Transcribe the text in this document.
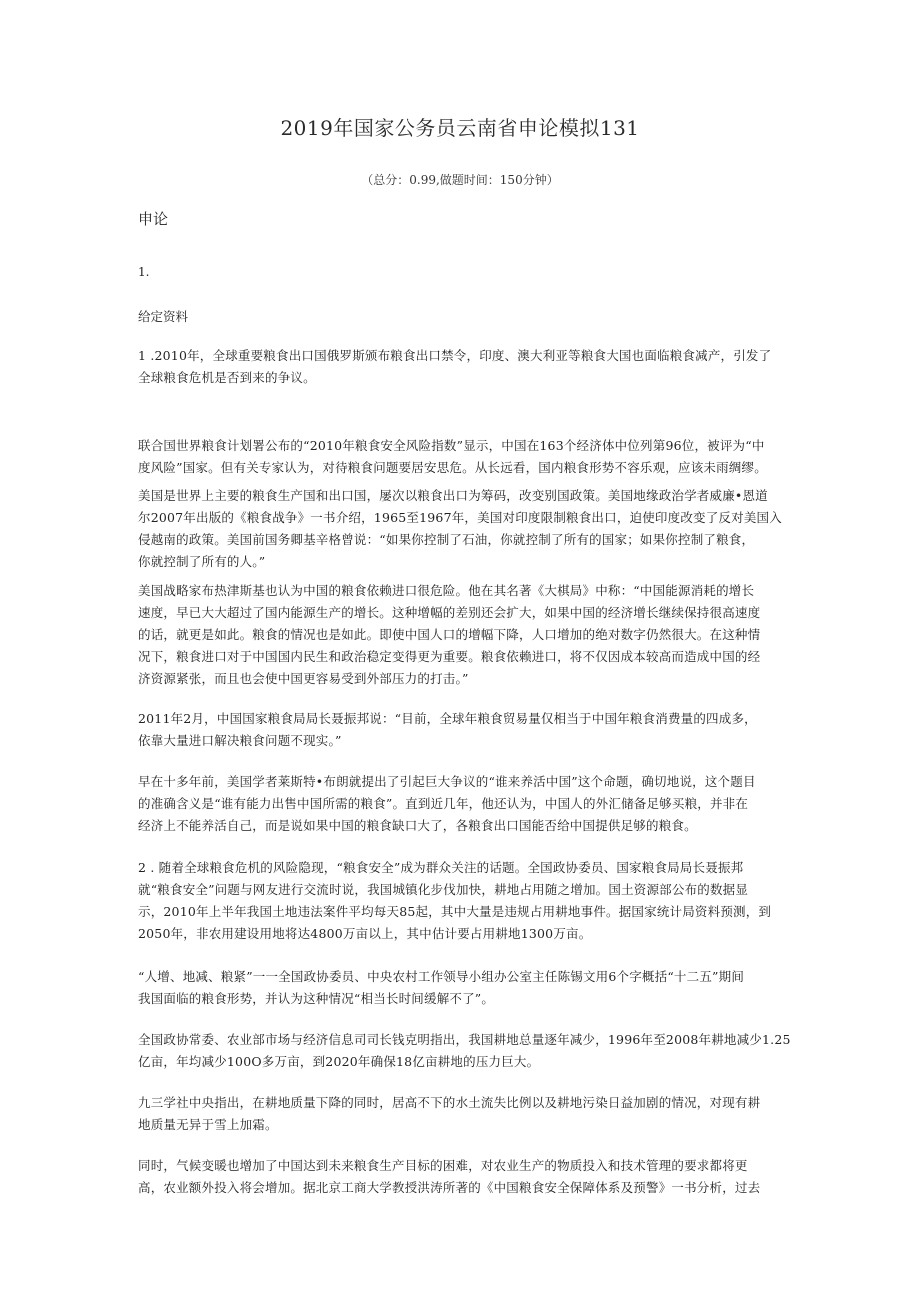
2019年国家公务员云南省申论模拟131
（总分：0.99,做题时间：150分钟）
申论
1.
给定资料

1 .2010年，全球重要粮食出口国俄罗斯颁布粮食出口禁令，印度、澳大利亚等粮食大国也面临粮食减产，引发了
全球粮食危机是否到来的争议。

联合国世界粮食计划署公布的“2010年粮食安全风险指数”显示，中国在163个经济体中位列第96位，被评为“中
度风险”国家。但有关专家认为，对待粮食问题要居安思危。从长远看，国内粮食形势不容乐观，应该未雨绸缪。

美国是世界上主要的粮食生产国和出口国，屡次以粮食出口为筹码，改变别国政策。美国地缘政治学者威廉•恩道
尔2007年出版的《粮食战争》一书介绍，1965至1967年，美国对印度限制粮食出口，迫使印度改变了反对美国入
侵越南的政策。美国前国务卿基辛格曾说：“如果你控制了石油，你就控制了所有的国家；如果你控制了粮食，
你就控制了所有的人。”

美国战略家布热津斯基也认为中国的粮食依赖进口很危险。他在其名著《大棋局》中称：“中国能源消耗的增长
速度，早已大大超过了国内能源生产的增长。这种增幅的差别还会扩大，如果中国的经济增长继续保持很高速度
的话，就更是如此。粮食的情况也是如此。即使中国人口的增幅下降，人口增加的绝对数字仍然很大。在这种情
况下，粮食进口对于中国国内民生和政治稳定变得更为重要。粮食依赖进口，将不仅因成本较高而造成中国的经
济资源紧张，而且也会使中国更容易受到外部压力的打击。”

2011年2月，中国国家粮食局局长聂振邦说：“目前，全球年粮食贸易量仅相当于中国年粮食消费量的四成多，
依靠大量进口解决粮食问题不现实。”

早在十多年前，美国学者莱斯特•布朗就提出了引起巨大争议的“谁来养活中国”这个命题，确切地说，这个题目
的准确含义是“谁有能力出售中国所需的粮食”。直到近几年，他还认为，中国人的外汇储备足够买粮，并非在
经济上不能养活自己，而是说如果中国的粮食缺口大了，各粮食出口国能否给中国提供足够的粮食。

2 . 随着全球粮食危机的风险隐现，“粮食安全”成为群众关注的话题。全国政协委员、国家粮食局局长聂振邦
就“粮食安全”问题与网友进行交流时说，我国城镇化步伐加快，耕地占用随之增加。国土资源部公布的数据显
示，2010年上半年我国土地违法案件平均每天85起，其中大量是违规占用耕地事件。据国家统计局资料预测，到
2050年，非农用建设用地将达4800万亩以上，其中估计要占用耕地1300万亩。

“人增、地减、粮紧”一一全国政协委员、中央农村工作领导小组办公室主任陈锡文用6个字概括“十二五”期间
我国面临的粮食形势，并认为这种情况“相当长时间缓解不了”。

全国政协常委、农业部市场与经济信息司司长钱克明指出，我国耕地总量逐年减少，1996年至2008年耕地减少1.25
亿亩，年均减少100O多万亩，到2020年确保18亿亩耕地的压力巨大。

九三学社中央指出，在耕地质量下降的同时，居高不下的水土流失比例以及耕地污染日益加剧的情况，对现有耕
地质量无异于雪上加霜。

同时，气候变暖也增加了中国达到未来粮食生产目标的困难，对农业生产的物质投入和技术管理的要求都将更
高，农业额外投入将会增加。据北京工商大学教授洪涛所著的《中国粮食安全保障体系及预警》一书分析，过去
